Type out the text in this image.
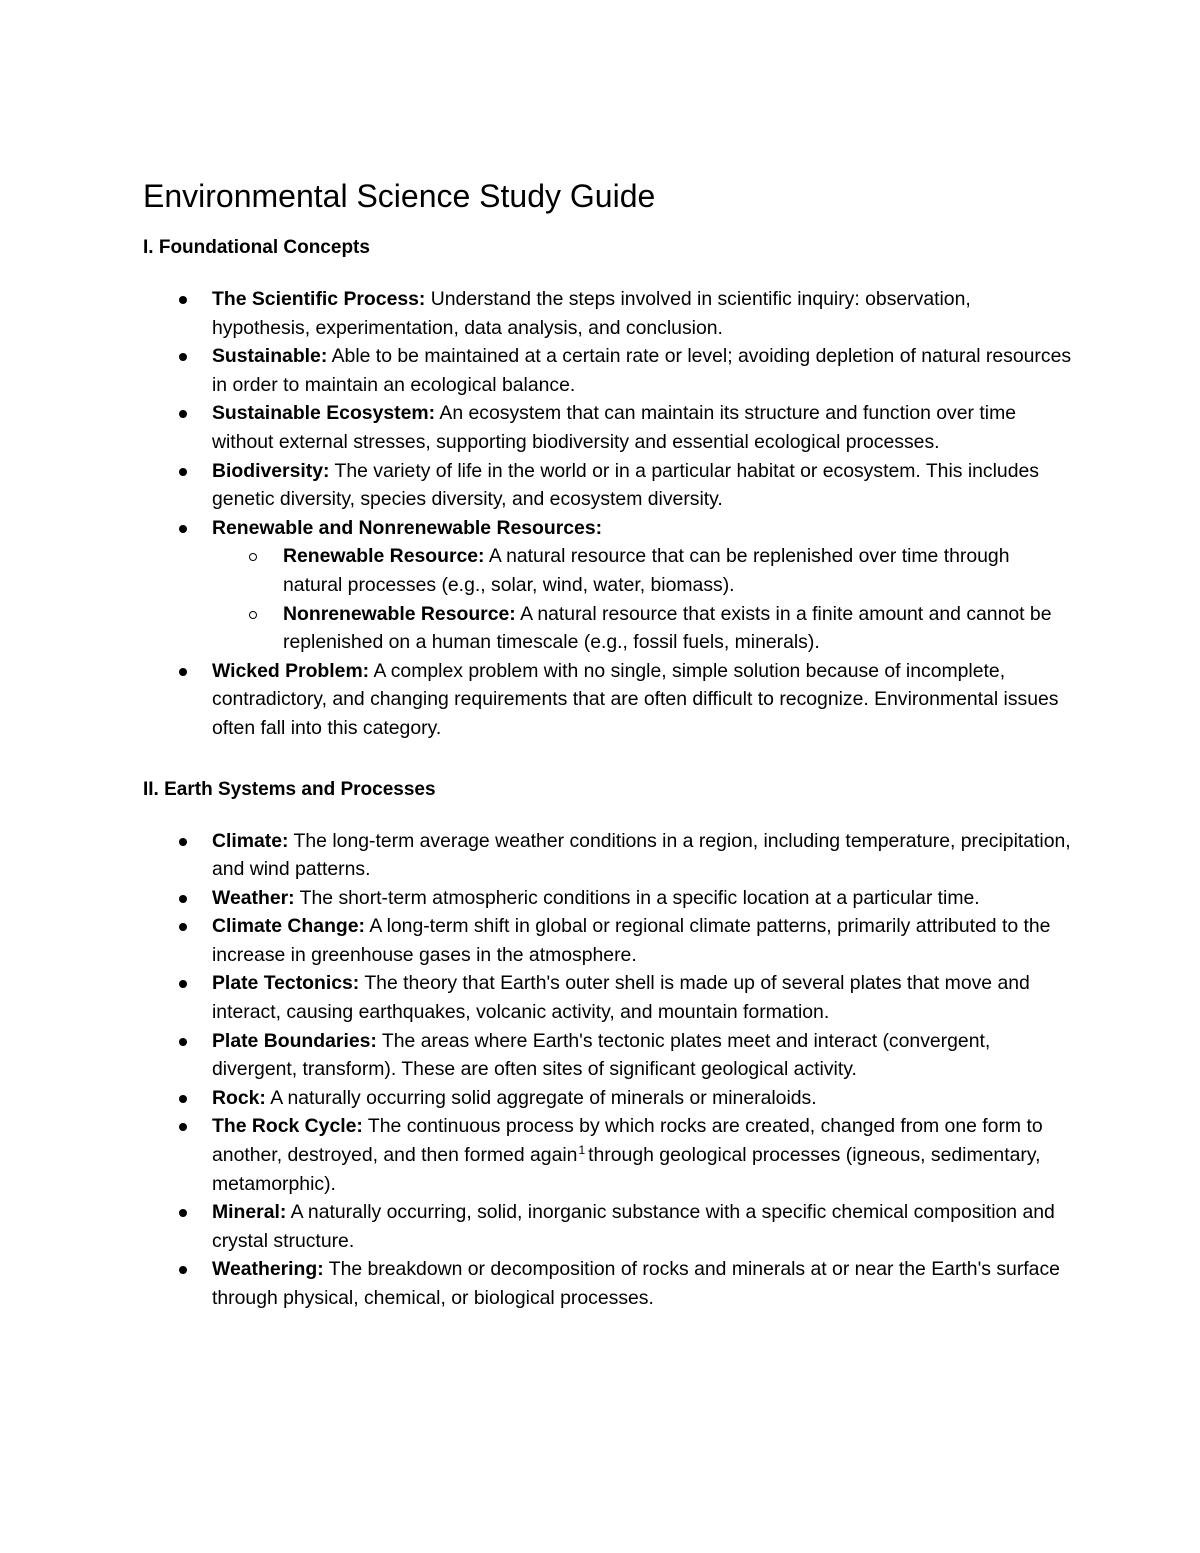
Environmental Science Study Guide
I. Foundational Concepts
The Scientific Process: Understand the steps involved in scientific inquiry: observation, hypothesis, experimentation, data analysis, and conclusion.
Sustainable: Able to be maintained at a certain rate or level; avoiding depletion of natural resources in order to maintain an ecological balance.
Sustainable Ecosystem: An ecosystem that can maintain its structure and function over time without external stresses, supporting biodiversity and essential ecological processes.
Biodiversity: The variety of life in the world or in a particular habitat or ecosystem. This includes genetic diversity, species diversity, and ecosystem diversity.
Renewable and Nonrenewable Resources:
Renewable Resource: A natural resource that can be replenished over time through natural processes (e.g., solar, wind, water, biomass).
Nonrenewable Resource: A natural resource that exists in a finite amount and cannot be replenished on a human timescale (e.g., fossil fuels, minerals).
Wicked Problem: A complex problem with no single, simple solution because of incomplete, contradictory, and changing requirements that are often difficult to recognize. Environmental issues often fall into this category.
II. Earth Systems and Processes
Climate: The long-term average weather conditions in a region, including temperature, precipitation, and wind patterns.
Weather: The short-term atmospheric conditions in a specific location at a particular time.
Climate Change: A long-term shift in global or regional climate patterns, primarily attributed to the increase in greenhouse gases in the atmosphere.
Plate Tectonics: The theory that Earth's outer shell is made up of several plates that move and interact, causing earthquakes, volcanic activity, and mountain formation.
Plate Boundaries: The areas where Earth's tectonic plates meet and interact (convergent, divergent, transform). These are often sites of significant geological activity.
Rock: A naturally occurring solid aggregate of minerals or mineraloids.
The Rock Cycle: The continuous process by which rocks are created, changed from one form to another, destroyed, and then formed again$^1$ through geological processes (igneous, sedimentary, metamorphic).
Mineral: A naturally occurring, solid, inorganic substance with a specific chemical composition and crystal structure.
Weathering: The breakdown or decomposition of rocks and minerals at or near the Earth's surface through physical, chemical, or biological processes.
